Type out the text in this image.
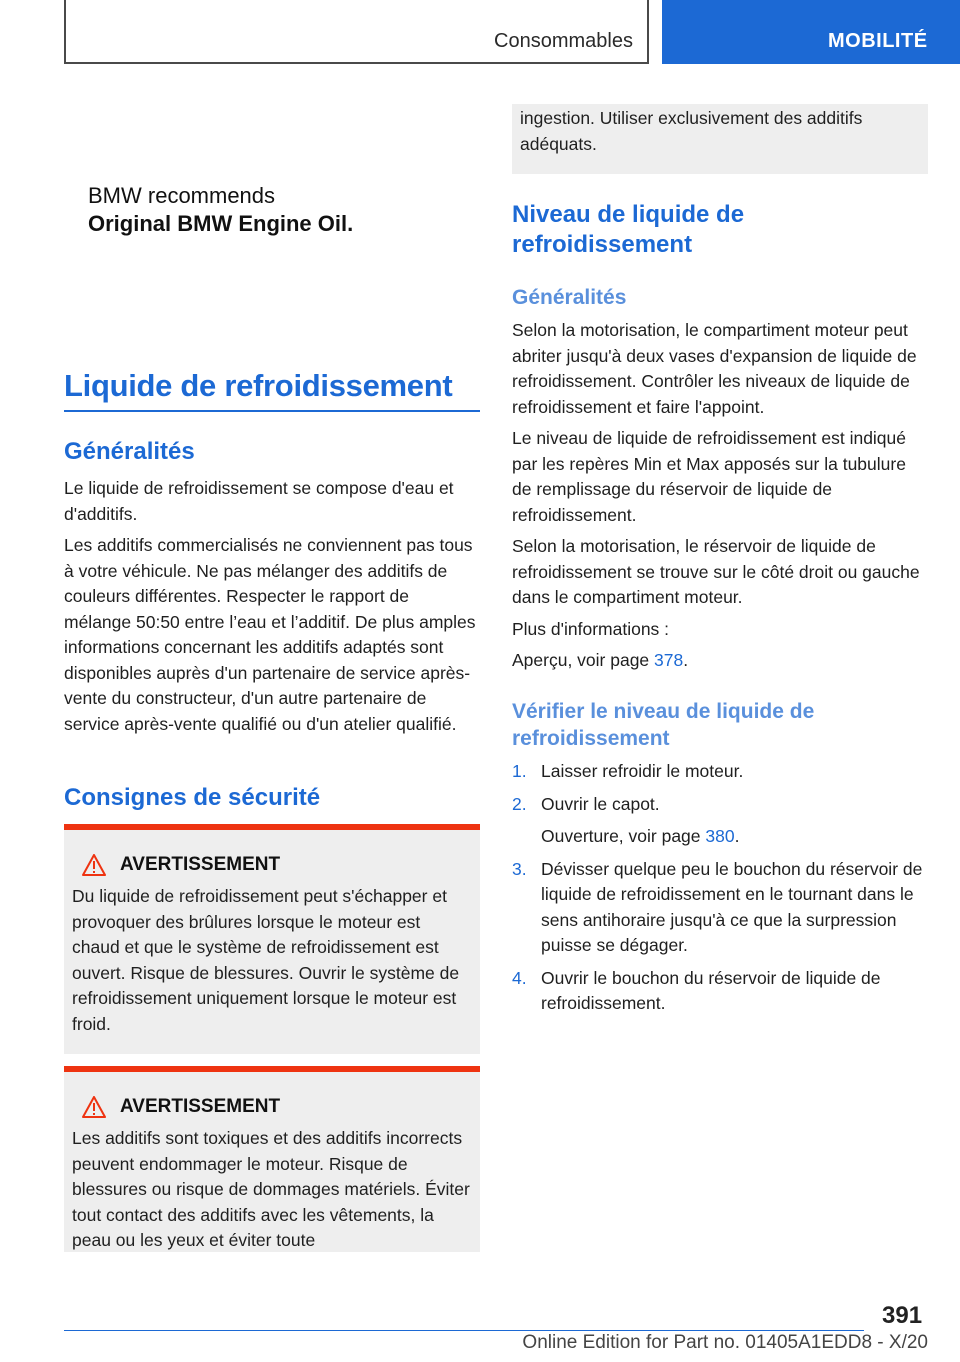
Consommables	MOBILITÉ
BMW recommends
Original BMW Engine Oil.
Liquide de refroidissement
Généralités

Le liquide de refroidissement se compose d'eau et d'additifs.

Les additifs commercialisés ne conviennent pas tous à votre véhicule. Ne pas mélanger des additifs de couleurs différentes. Respecter le rapport de mélange 50:50 entre l’eau et l’additif. De plus amples informations concernant les additifs adaptés sont disponibles auprès d'un partenaire de service après-vente du constructeur, d'un autre partenaire de service après-vente qualifié ou d'un atelier qualifié.

Consignes de sécurité
AVERTISSEMENT
Du liquide de refroidissement peut s'échapper et provoquer des brûlures lorsque le moteur est chaud et que le système de refroidissement est ouvert. Risque de blessures. Ouvrir le système de refroidissement uniquement lorsque le moteur est froid.
AVERTISSEMENT
Les additifs sont toxiques et des additifs incorrects peuvent endommager le moteur. Risque de blessures ou risque de dommages matériels. Éviter tout contact des additifs avec les vêtements, la peau ou les yeux et éviter toute
ingestion. Utiliser exclusivement des additifs adéquats.
Niveau de liquide de refroidissement
Généralités

Selon la motorisation, le compartiment moteur peut abriter jusqu'à deux vases d'expansion de liquide de refroidissement. Contrôler les niveaux de liquide de refroidissement et faire l'appoint.

Le niveau de liquide de refroidissement est indiqué par les repères Min et Max apposés sur la tubulure de remplissage du réservoir de liquide de refroidissement.

Selon la motorisation, le réservoir de liquide de refroidissement se trouve sur le côté droit ou gauche dans le compartiment moteur.

Plus d'informations :

Aperçu, voir page 378.

Vérifier le niveau de liquide de refroidissement
1. Laisser refroidir le moteur.
2. Ouvrir le capot.
Ouverture, voir page 380.
3. Dévisser quelque peu le bouchon du réservoir de liquide de refroidissement en le tournant dans le sens antihoraire jusqu'à ce que la surpression puisse se dégager.
4. Ouvrir le bouchon du réservoir de liquide de refroidissement.
391
Online Edition for Part no. 01405A1EDD8 - X/20
